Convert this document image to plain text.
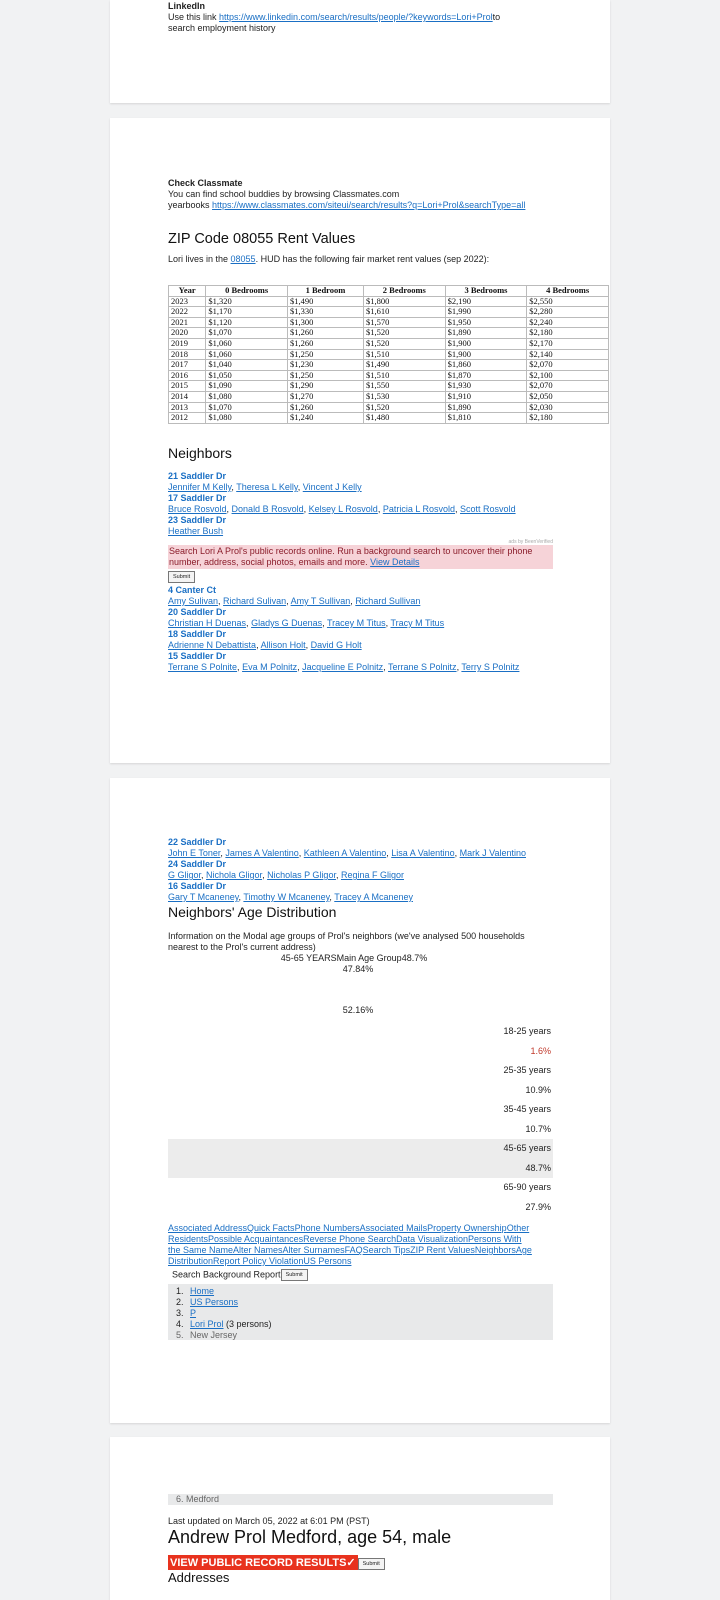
LinkedIn
Use this link https://www.linkedin.com/search/results/people/?keywords=Lori+Prolto
search employment history
Check Classmate
You can find school buddies by browsing Classmates.com
yearbooks https://www.classmates.com/siteui/search/results?q=Lori+Prol&searchType=all
ZIP Code 08055 Rent Values
Lori lives in the 08055. HUD has the following fair market rent values (sep 2022):
Year	0 Bedrooms	1 Bedroom	2 Bedrooms	3 Bedrooms	4 Bedrooms
2023	$1,320	$1,490	$1,800	$2,190	$2,550
2022	$1,170	$1,330	$1,610	$1,990	$2,280
2021	$1,120	$1,300	$1,570	$1,950	$2,240
2020	$1,070	$1,260	$1,520	$1,890	$2,180
2019	$1,060	$1,260	$1,520	$1,900	$2,170
2018	$1,060	$1,250	$1,510	$1,900	$2,140
2017	$1,040	$1,230	$1,490	$1,860	$2,070
2016	$1,050	$1,250	$1,510	$1,870	$2,100
2015	$1,090	$1,290	$1,550	$1,930	$2,070
2014	$1,080	$1,270	$1,530	$1,910	$2,050
2013	$1,070	$1,260	$1,520	$1,890	$2,030
2012	$1,080	$1,240	$1,480	$1,810	$2,180
Neighbors
21 Saddler Dr
Jennifer M Kelly, Theresa L Kelly, Vincent J Kelly
17 Saddler Dr
Bruce Rosvold, Donald B Rosvold, Kelsey L Rosvold, Patricia L Rosvold, Scott Rosvold
23 Saddler Dr
Heather Bush
ads by BeenVerified
Search Lori A Prol's public records online. Run a background search to uncover their phone number, address, social photos, emails and more. View Details
Submit
4 Canter Ct
Amy Sulivan, Richard Sulivan, Amy T Sullivan, Richard Sullivan
20 Saddler Dr
Christian H Duenas, Gladys G Duenas, Tracey M Titus, Tracy M Titus
18 Saddler Dr
Adrienne N Debattista, Allison Holt, David G Holt
15 Saddler Dr
Terrane S Polnite, Eva M Polnitz, Jacqueline E Polnitz, Terrane S Polnitz, Terry S Polnitz
22 Saddler Dr
John E Toner, James A Valentino, Kathleen A Valentino, Lisa A Valentino, Mark J Valentino
24 Saddler Dr
G Gligor, Nichola Gligor, Nicholas P Gligor, Regina F Gligor
16 Saddler Dr
Gary T Mcaneney, Timothy W Mcaneney, Tracey A Mcaneney
Neighbors' Age Distribution
Information on the Modal age groups of Prol's neighbors (we've analysed 500 households nearest to the Prol's current address)
45-65 YEARSMain Age Group48.7%
47.84%
52.16%
18-25 years
1.6%
25-35 years
10.9%
35-45 years
10.7%
45-65 years
48.7%
65-90 years
27.9%
Associated AddressQuick FactsPhone NumbersAssociated MailsProperty OwnershipOther ResidentsPossible AcquaintancesReverse Phone SearchData VisualizationPersons With the Same NameAlter NamesAlter SurnamesFAQSearch TipsZIP Rent ValuesNeighborsAge DistributionReport Policy ViolationUS Persons
Search Background Report Submit
1. Home
2. US Persons
3. P
4. Lori Prol (3 persons)
5. New Jersey
6. Medford
Last updated on March 05, 2022 at 6:01 PM (PST)
Andrew Prol Medford, age 54, male
VIEW PUBLIC RECORD RESULTS✓ Submit
Addresses
